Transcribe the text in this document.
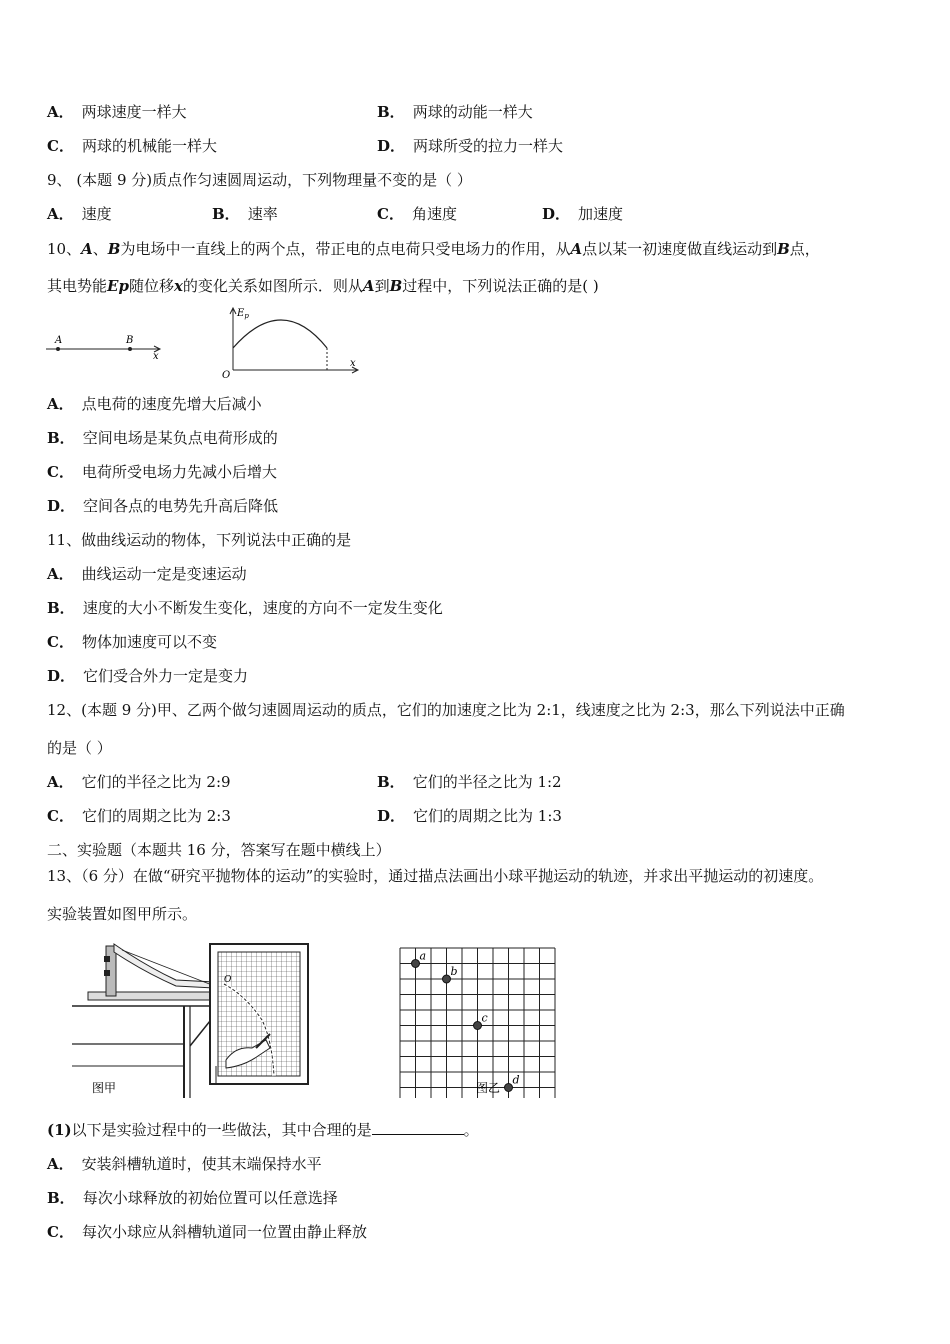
A． 两球速度一样大	B． 两球的动能一样大
C． 两球的机械能一样大	D． 两球所受的拉力一样大
9、 (本题 9 分)质点作匀速圆周运动，下列物理量不变的是（ ）
A． 速度	B． 速率	C． 角速度	D． 加速度
10、A、B为电场中一直线上的两个点，带正电的点电荷只受电场力的作用，从A点以某一初速度做直线运动到B点，
其电势能Ep随位移x的变化关系如图所示．则从A到B过程中，下列说法正确的是( )
A	B
x
$E_p$
O
x
A． 点电荷的速度先增大后减小
B． 空间电场是某负点电荷形成的
C． 电荷所受电场力先减小后增大
D． 空间各点的电势先升高后降低
11、做曲线运动的物体，下列说法中正确的是
A． 曲线运动一定是变速运动
B． 速度的大小不断发生变化，速度的方向不一定发生变化
C． 物体加速度可以不变
D． 它们受合外力一定是变力
12、(本题 9 分)甲、乙两个做匀速圆周运动的质点，它们的加速度之比为 2:1，线速度之比为 2:3，那么下列说法中正确
的是（ ）
A． 它们的半径之比为 2:9	B． 它们的半径之比为 1:2
C． 它们的周期之比为 2:3	D． 它们的周期之比为 1:3
二、实验题（本题共 16 分，答案写在题中横线上）
13、（6 分）在做“研究平抛物体的运动”的实验时，通过描点法画出小球平抛运动的轨迹，并求出平抛运动的初速度。
实验装置如图甲所示。
O
图甲
a
b
c
d
图乙
(1)以下是实验过程中的一些做法，其中合理的是	。
A． 安装斜槽轨道时，使其末端保持水平
B． 每次小球释放的初始位置可以任意选择
C． 每次小球应从斜槽轨道同一位置由静止释放
